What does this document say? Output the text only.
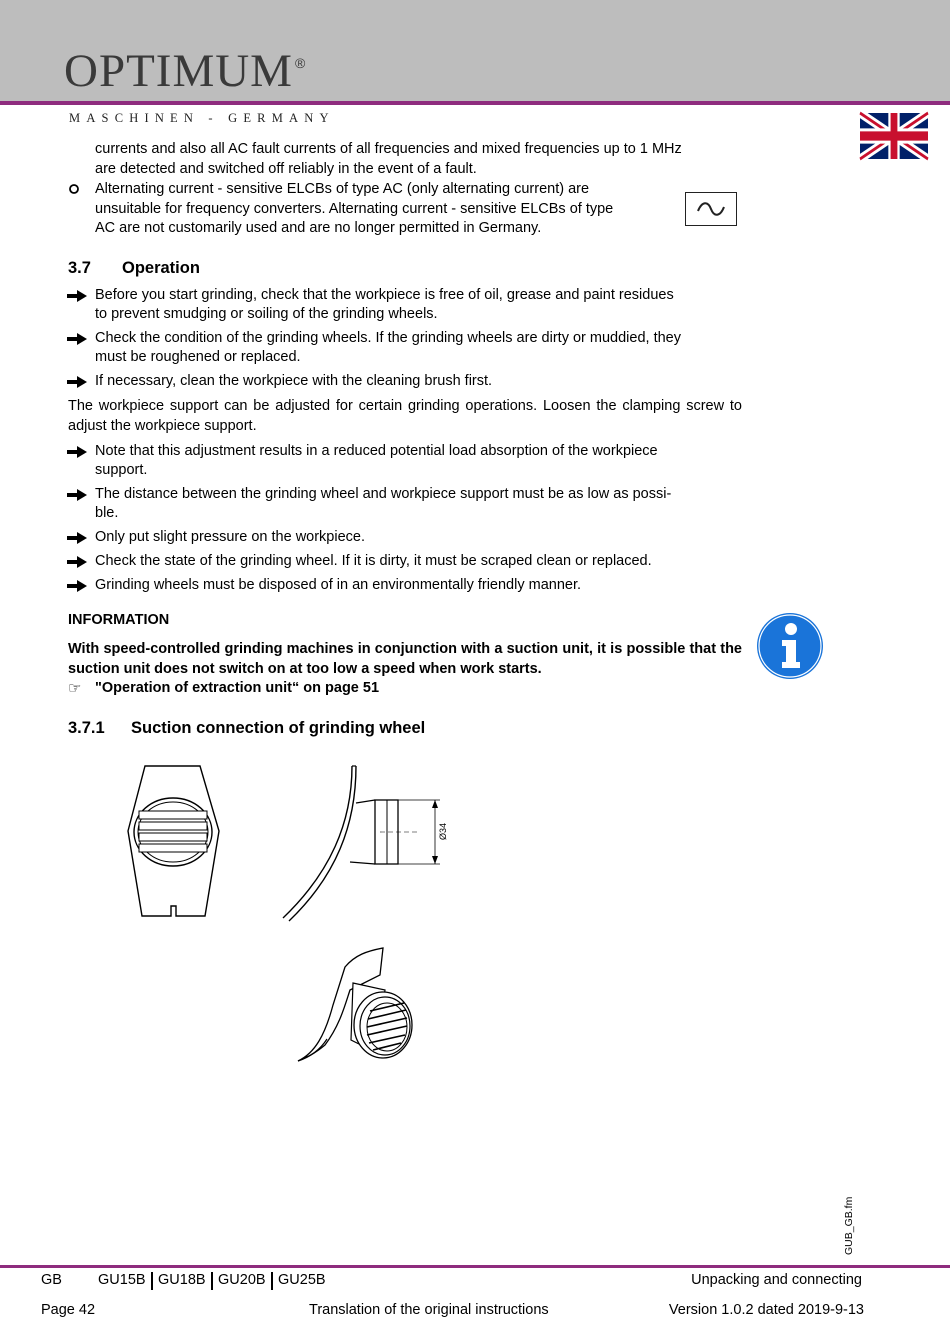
OPTIMUM ®
MASCHINEN - GERMANY
currents and also all AC fault currents of all frequencies and mixed frequencies up to 1 MHz
are detected and switched off reliably in the event of a fault.
Alternating current - sensitive ELCBs of type AC (only alternating current) are
unsuitable for frequency converters. Alternating current - sensitive ELCBs of type
AC are not customarily used and are no longer permitted in Germany.
3.7 Operation
Before you start grinding, check that the workpiece is free of oil, grease and paint residues
to prevent smudging or soiling of the grinding wheels.
Check the condition of the grinding wheels. If the grinding wheels are dirty or muddied, they
must be roughened or replaced.
If necessary, clean the workpiece with the cleaning brush first.
The workpiece support can be adjusted for certain grinding operations. Loosen the clamping screw to adjust the workpiece support.
Note that this adjustment results in a reduced potential load absorption of the workpiece
support.
The distance between the grinding wheel and workpiece support must be as low as possi-
ble.
Only put slight pressure on the workpiece.
Check the state of the grinding wheel. If it is dirty, it must be scraped clean or replaced.
Grinding wheels must be disposed of in an environmentally friendly manner.
INFORMATION
With speed-controlled grinding machines in conjunction with a suction unit, it is possible that the suction unit does not switch on at too low a speed when work starts.
☞ "Operation of extraction unit“ on page 51
3.7.1 Suction connection of grinding wheel
Ø34
GUB_GB.fm
GB GU15B GU18B GU20B GU25B	Unpacking and connecting
Page 42	Translation of the original instructions	Version 1.0.2 dated 2019-9-13
